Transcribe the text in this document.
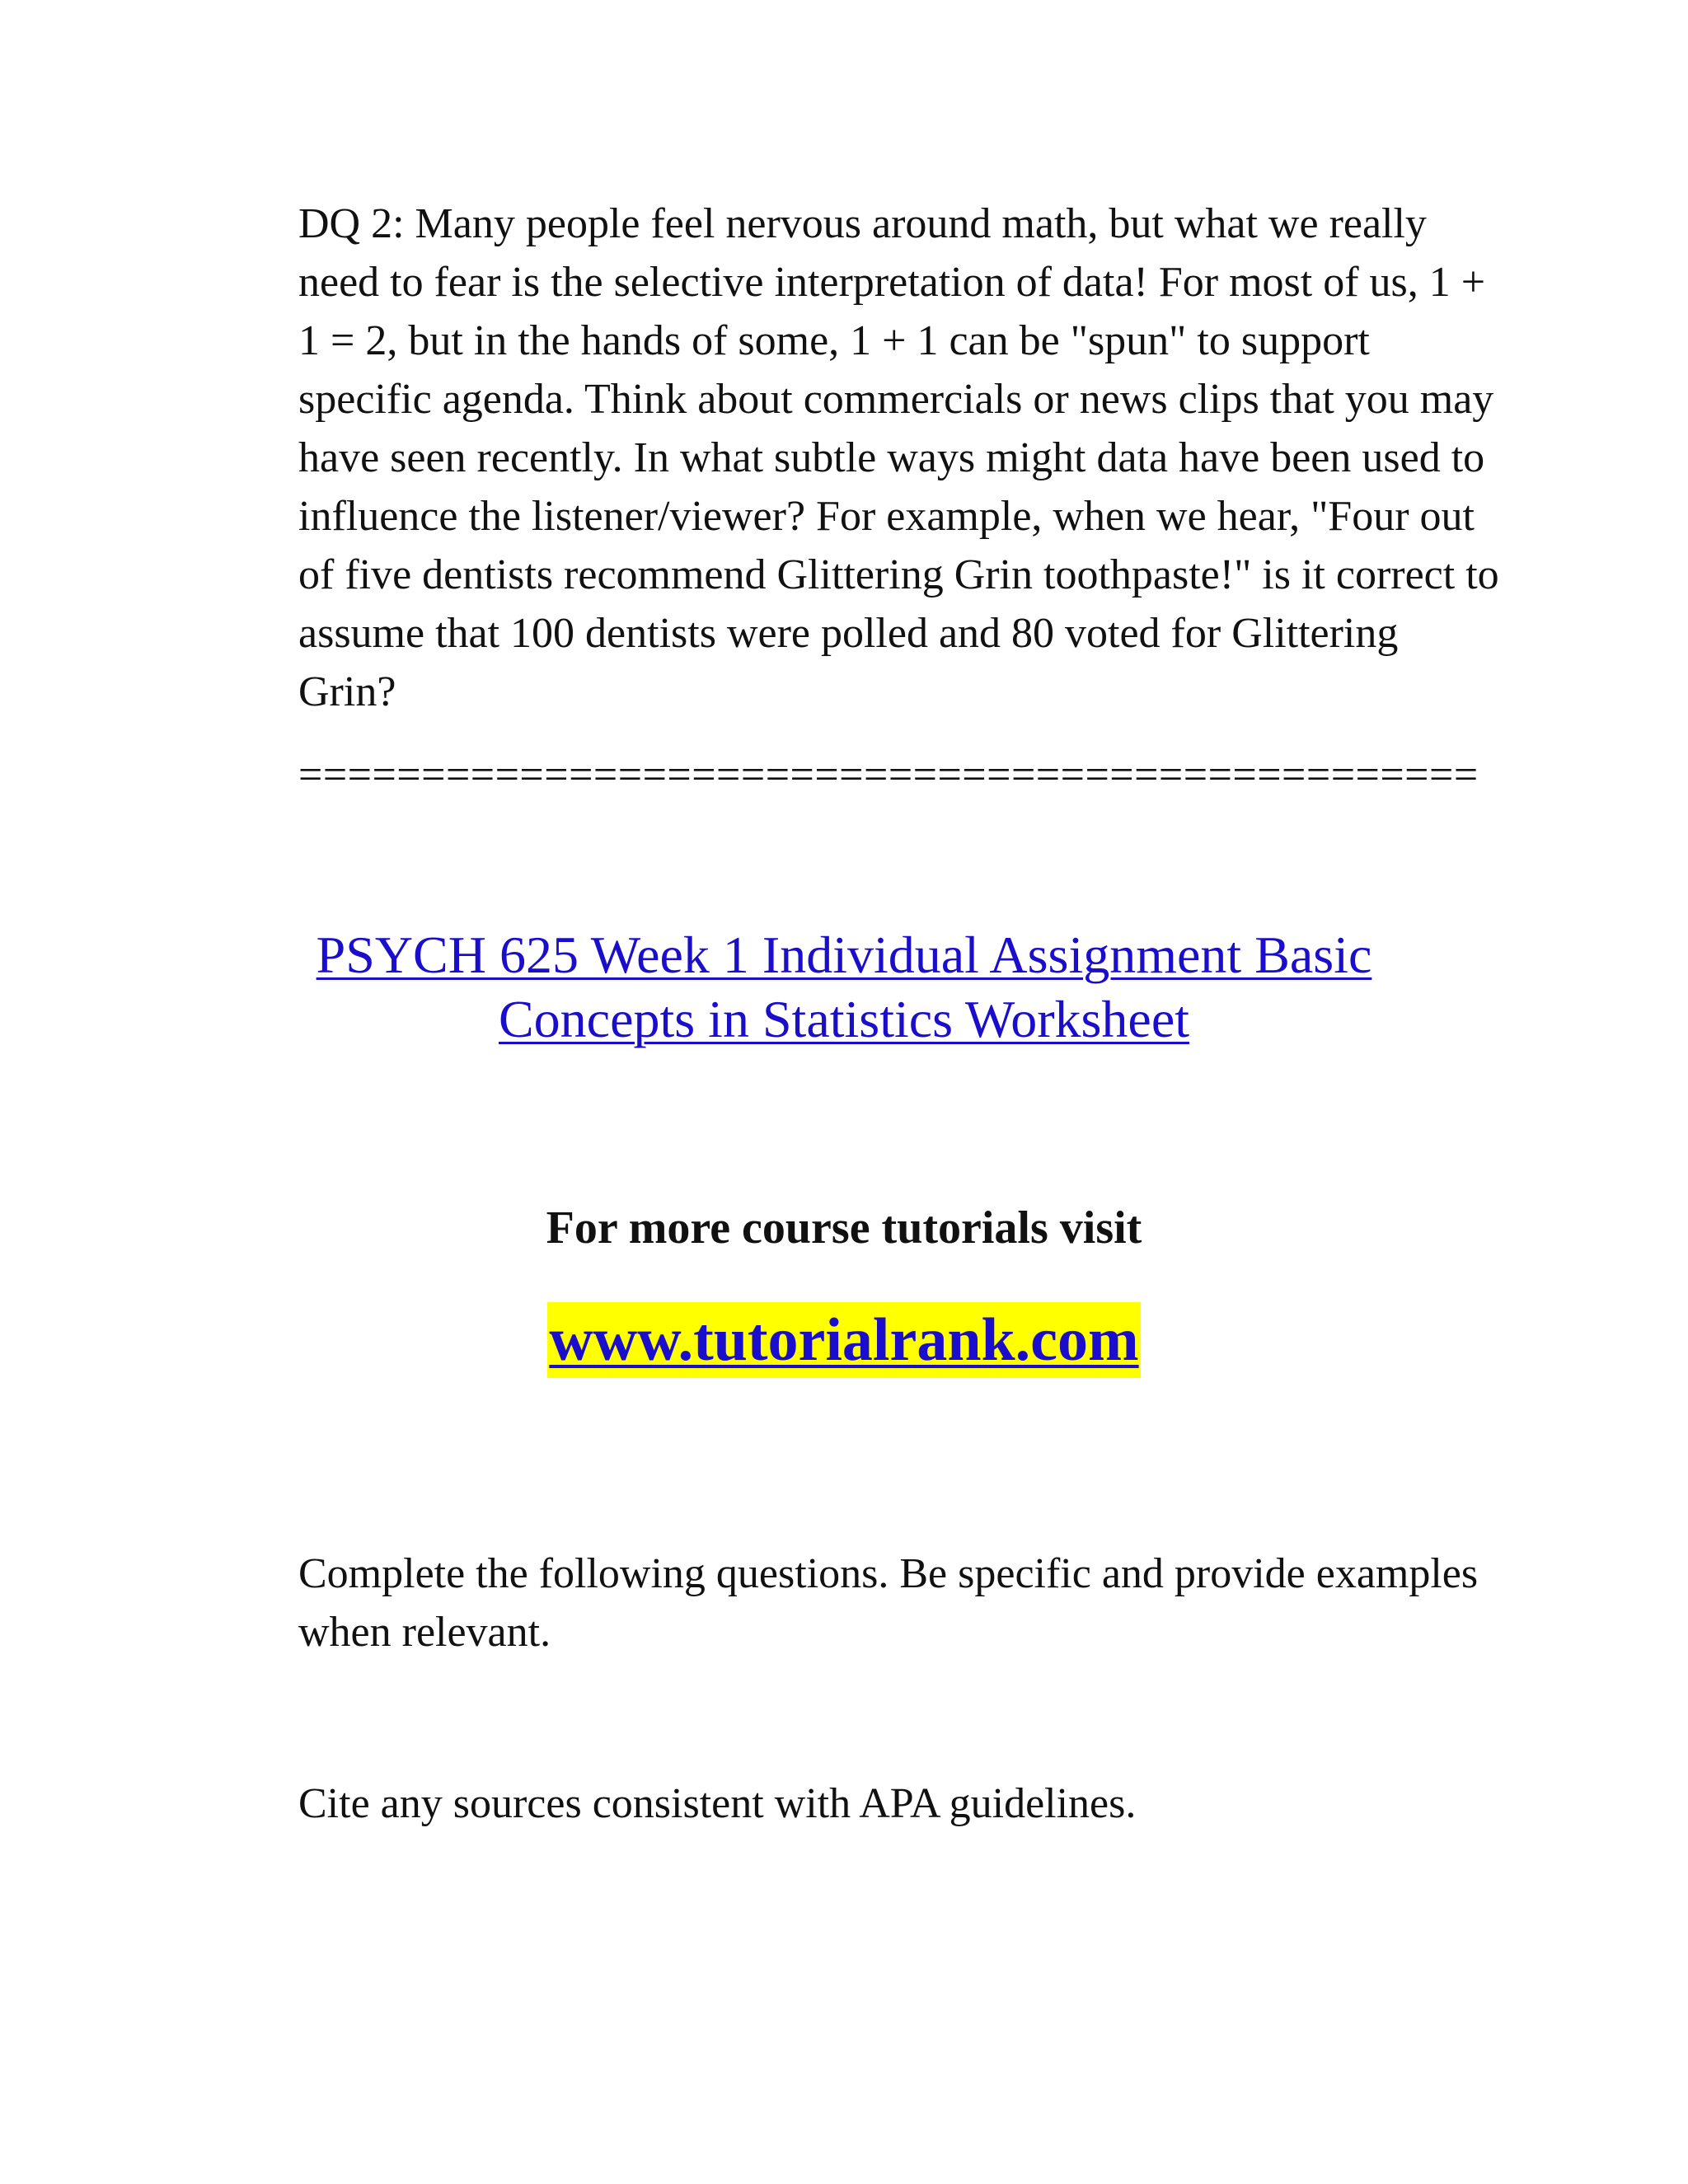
DQ 2: Many people feel nervous around math, but what we really need to fear is the selective interpretation of data! For most of us, 1 + 1 = 2, but in the hands of some, 1 + 1 can be "spun" to support specific agenda. Think about commercials or news clips that you may have seen recently. In what subtle ways might data have been used to influence the listener/viewer? For example, when we hear, "Four out of five dentists recommend Glittering Grin toothpaste!" is it correct to assume that 100 dentists were polled and 80 voted for Glittering Grin?

================================================
PSYCH 625 Week 1 Individual Assignment Basic Concepts in Statistics Worksheet
For more course tutorials visit
www.tutorialrank.com

Complete the following questions. Be specific and provide examples when relevant.

Cite any sources consistent with APA guidelines.
